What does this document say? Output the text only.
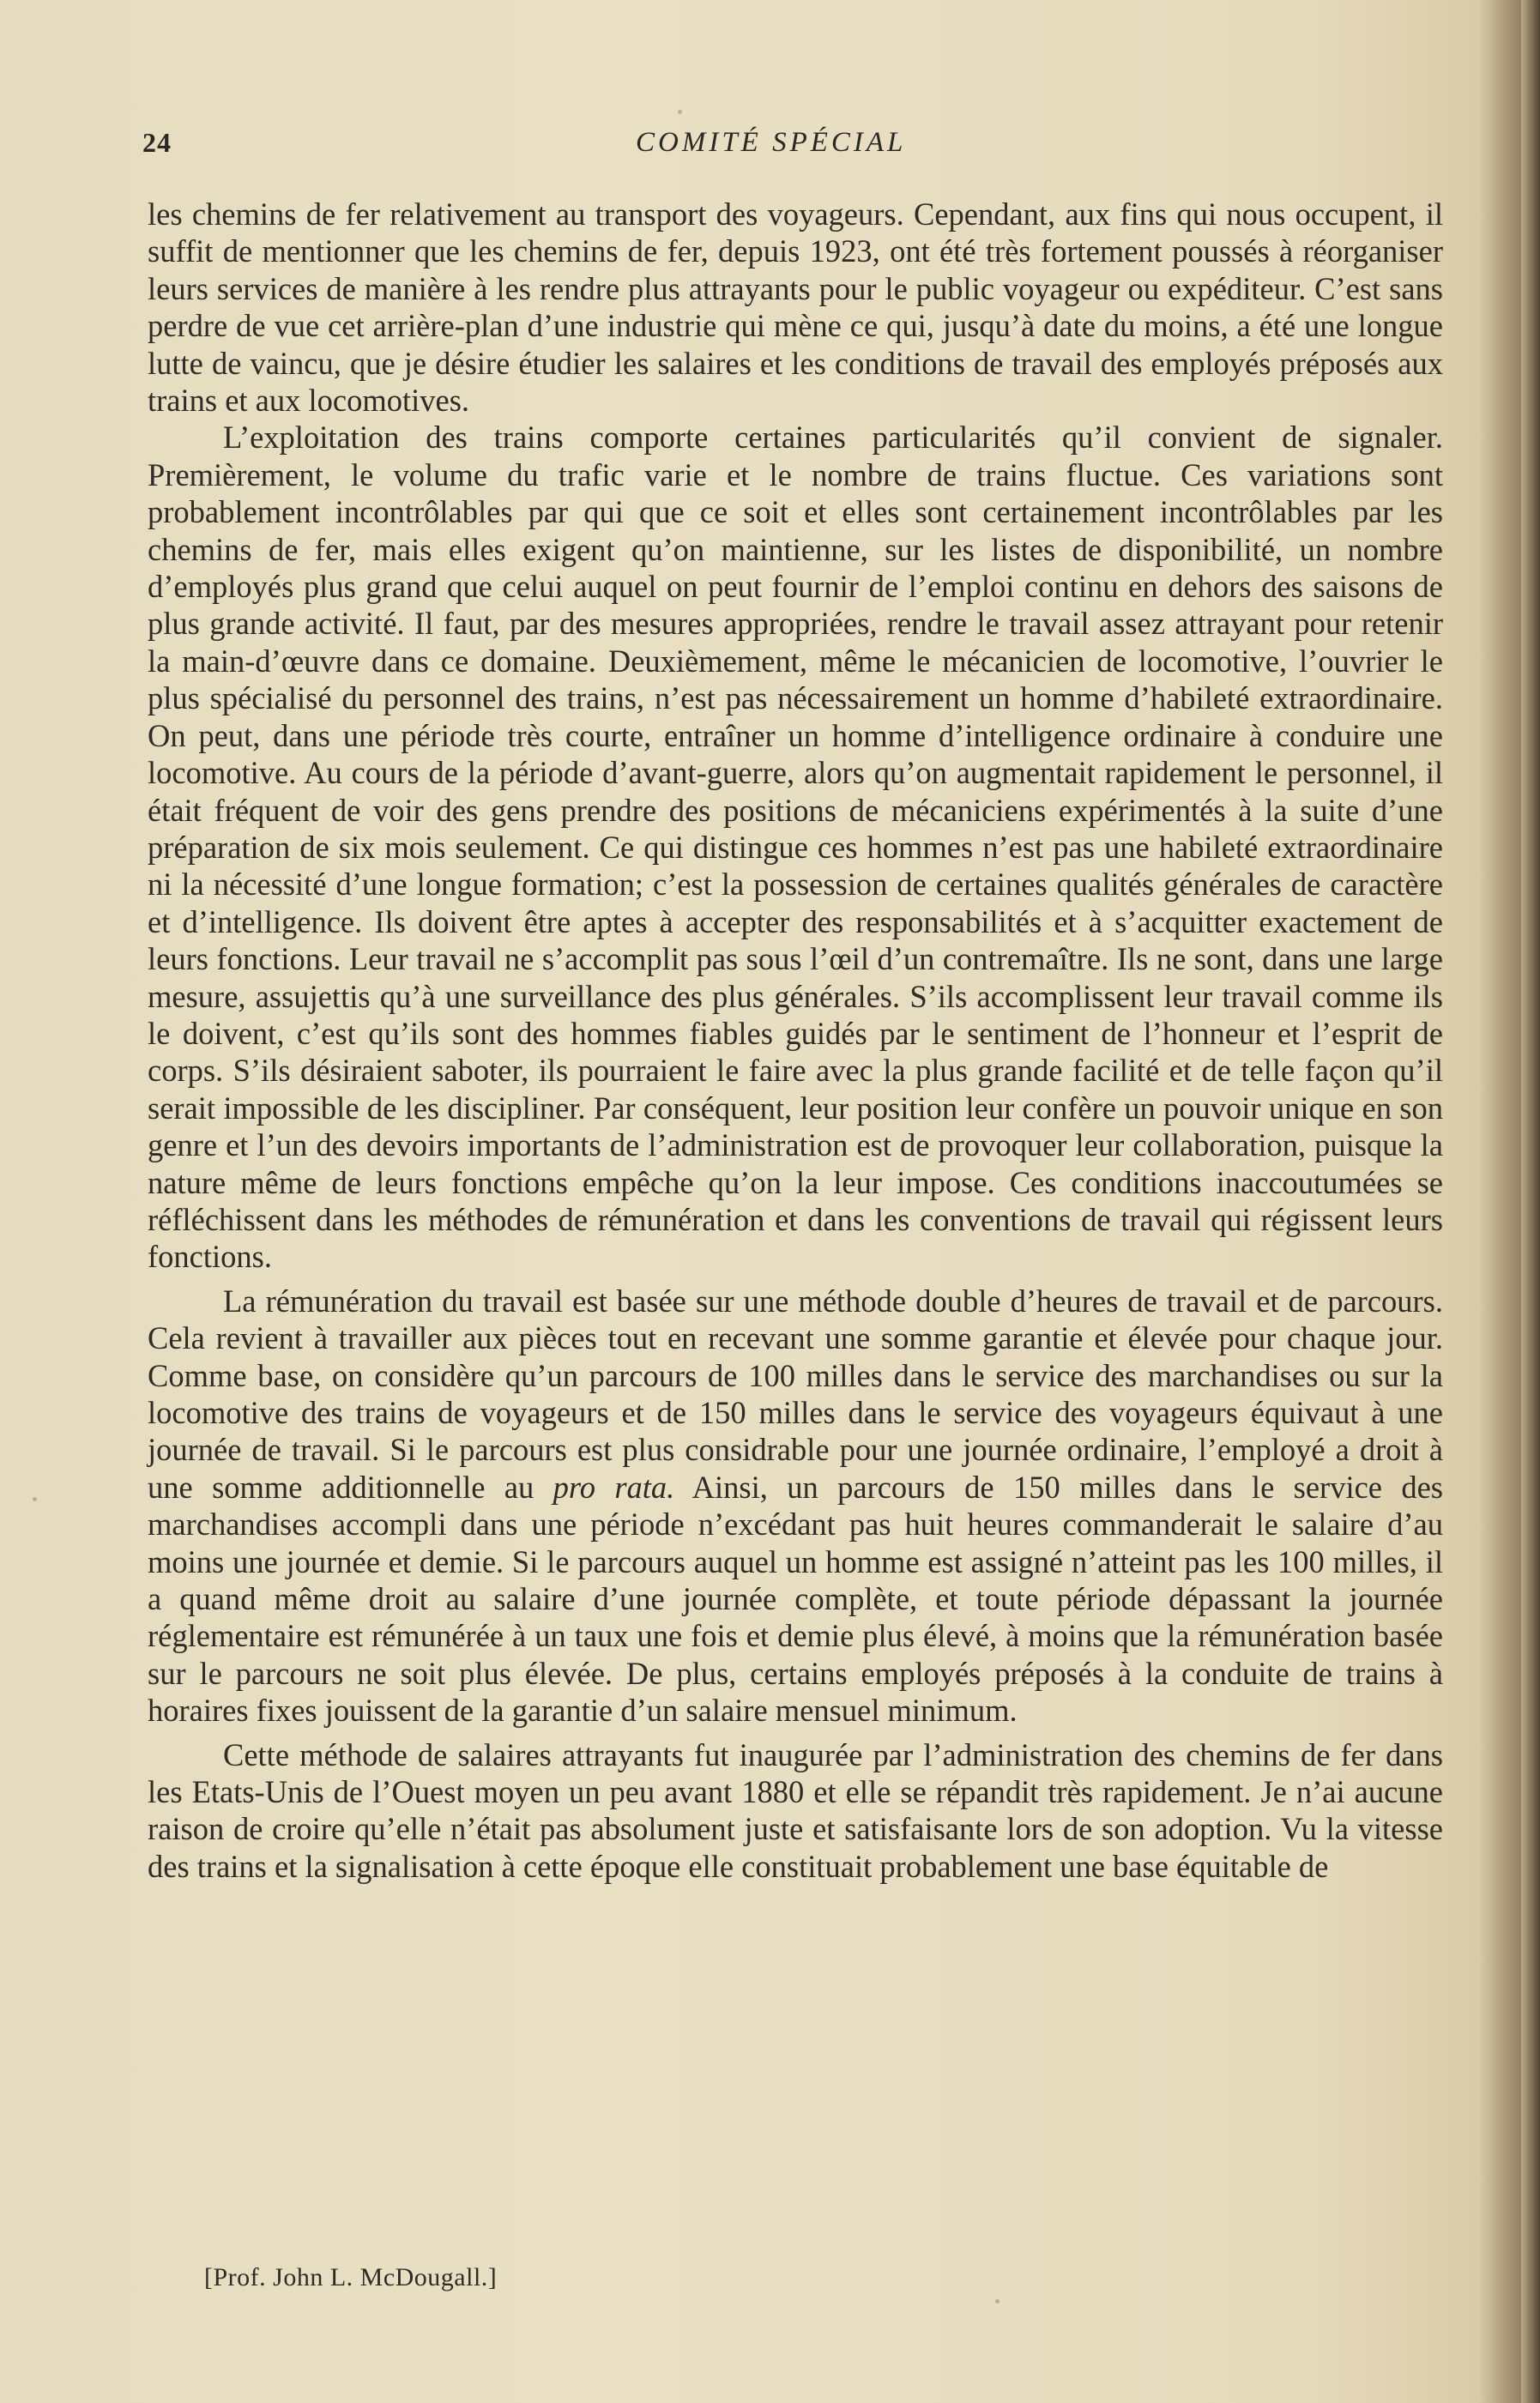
24	COMITÉ SPÉCIAL

les chemins de fer relativement au transport des voyageurs. Cependant, aux fins qui nous occupent, il suffit de mentionner que les chemins de fer, depuis 1923, ont été très fortement poussés à réorganiser leurs services de manière à les rendre plus attrayants pour le public voyageur ou expéditeur. C’est sans perdre de vue cet arrière-plan d’une industrie qui mène ce qui, jusqu’à date du moins, a été une longue lutte de vaincu, que je désire étudier les salaires et les conditions de travail des employés préposés aux trains et aux locomotives.

L’exploitation des trains comporte certaines particularités qu’il convient de signaler. Premièrement, le volume du trafic varie et le nombre de trains fluctue. Ces variations sont probablement incontrôlables par qui que ce soit et elles sont certainement incontrôlables par les chemins de fer, mais elles exigent qu’on maintienne, sur les listes de disponibilité, un nombre d’employés plus grand que celui auquel on peut fournir de l’emploi continu en dehors des saisons de plus grande activité. Il faut, par des mesures appropriées, rendre le travail assez attrayant pour retenir la main-d’œuvre dans ce domaine. Deuxièmement, même le mécanicien de locomotive, l’ouvrier le plus spécialisé du personnel des trains, n’est pas nécessairement un homme d’habileté extraordinaire. On peut, dans une période très courte, entraîner un homme d’intelligence ordinaire à conduire une locomotive. Au cours de la période d’avant-guerre, alors qu’on augmentait rapidement le personnel, il était fréquent de voir des gens prendre des positions de mécaniciens expérimentés à la suite d’une préparation de six mois seulement. Ce qui distingue ces hommes n’est pas une habileté extraordinaire ni la nécessité d’une longue formation; c’est la possession de certaines qualités générales de caractère et d’intelligence. Ils doivent être aptes à accepter des responsabilités et à s’acquitter exactement de leurs fonctions. Leur travail ne s’accomplit pas sous l’œil d’un contremaître. Ils ne sont, dans une large mesure, assujettis qu’à une surveillance des plus générales. S’ils accomplissent leur travail comme ils le doivent, c’est qu’ils sont des hommes fiables guidés par le sentiment de l’honneur et l’esprit de corps. S’ils désiraient saboter, ils pourraient le faire avec la plus grande facilité et de telle façon qu’il serait impossible de les discipliner. Par conséquent, leur position leur confère un pouvoir unique en son genre et l’un des devoirs importants de l’administration est de provoquer leur collaboration, puisque la nature même de leurs fonctions empêche qu’on la leur impose. Ces conditions inaccoutumées se réfléchissent dans les méthodes de rémunération et dans les conventions de travail qui régissent leurs fonctions.

La rémunération du travail est basée sur une méthode double d’heures de travail et de parcours. Cela revient à travailler aux pièces tout en recevant une somme garantie et élevée pour chaque jour. Comme base, on considère qu’un parcours de 100 milles dans le service des marchandises ou sur la locomotive des trains de voyageurs et de 150 milles dans le service des voyageurs équivaut à une journée de travail. Si le parcours est plus considrable pour une journée ordinaire, l’employé a droit à une somme additionnelle au pro rata. Ainsi, un parcours de 150 milles dans le service des marchandises accompli dans une période n’excédant pas huit heures commanderait le salaire d’au moins une journée et demie. Si le parcours auquel un homme est assigné n’atteint pas les 100 milles, il a quand même droit au salaire d’une journée complète, et toute période dépassant la journée réglementaire est rémunérée à un taux une fois et demie plus élevé, à moins que la rémunération basée sur le parcours ne soit plus élevée. De plus, certains employés préposés à la conduite de trains à horaires fixes jouissent de la garantie d’un salaire mensuel minimum.

Cette méthode de salaires attrayants fut inaugurée par l’administration des chemins de fer dans les Etats-Unis de l’Ouest moyen un peu avant 1880 et elle se répandit très rapidement. Je n’ai aucune raison de croire qu’elle n’était pas absolument juste et satisfaisante lors de son adoption. Vu la vitesse des trains et la signalisation à cette époque elle constituait probablement une base équitable de

[Prof. John L. McDougall.]
